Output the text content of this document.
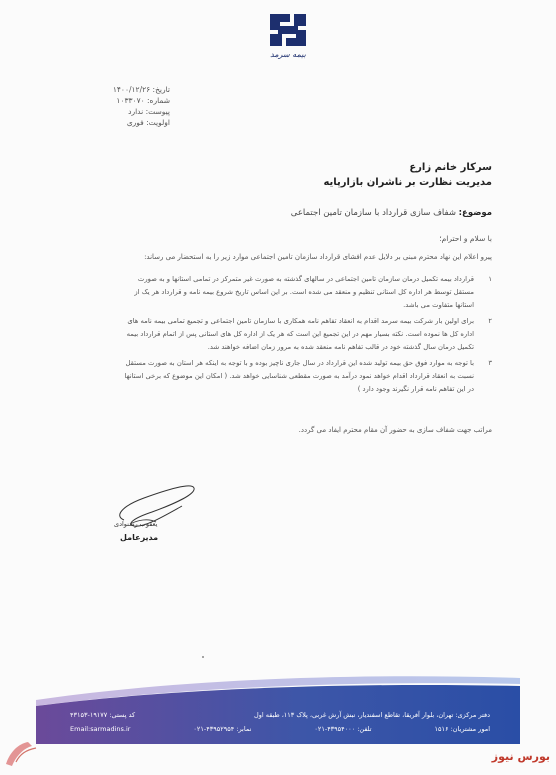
بیمه سرمد
تاریخ: ۱۴۰۰/۱۲/۲۶
شماره: ۱۰۳۳۰۷۰
پیوست: ندارد
اولویت: فوری
سرکار خانم زارع
مدیریت نظارت بر ناشران بازارپایه
موضوع: شفاف سازی قرارداد با سازمان تامین اجتماعی
با سلام و احترام؛
پیرو اعلام این نهاد محترم مبنی بر دلایل عدم افشای قرارداد سازمان تامین اجتماعی موارد زیر را به استحضار می رساند:
۱
قرارداد بیمه تکمیل درمان سازمان تامین اجتماعی در سالهای گذشته به صورت غیر متمرکز در تمامی استانها و به صورت
مستقل توسط هر اداره کل استانی تنظیم و منعقد می شده است. بر این اساس تاریخ شروع بیمه نامه و قرارداد هر یک از
استانها متفاوت می باشد.
۲
برای اولین بار شرکت بیمه سرمد اقدام به انعقاد تفاهم نامه همکاری با سازمان تامین اجتماعی و تجمیع تمامی بیمه نامه های
اداره کل ها نموده است. نکته بسیار مهم در این تجمیع این است که هر یک از اداره کل های استانی پس از اتمام قرارداد بیمه
تکمیل درمان سال گذشته خود در قالب تفاهم نامه منعقد شده به مرور زمان اضافه خواهند شد.
۳
با توجه به موارد فوق حق بیمه تولید شده این قرارداد در سال جاری ناچیز بوده و با توجه به اینکه هر استان به صورت مستقل
نسبت به انعقاد قرارداد اقدام خواهد نمود درآمد به صورت مقطعی شناسایی خواهد شد. ( امکان این موضوع که برخی استانها
در این تفاهم نامه قرار نگیرند وجود دارد )
مراتب جهت شفاف سازی به حضور آن مقام محترم ایفاد می گردد.
یعقوب رشنوادی
مدیرعامل
دفتر مرکزی: تهران، بلوار آفریقا، تقاطع اسفندیار، نبش آرش غربی، پلاک ۱۱۳، طبقه اول
کد پستی: ۱۹۱۷۷-۴۳۱۵۳
امور مشتریان: ۱۵۱۶
تلفن: ۴۳۹۵۴۰۰۰-۰۲۱
نمابر: ۴۳۹۵۲۹۵۴-۰۲۱
Email:sarmadins.ir
بورس نیوز
